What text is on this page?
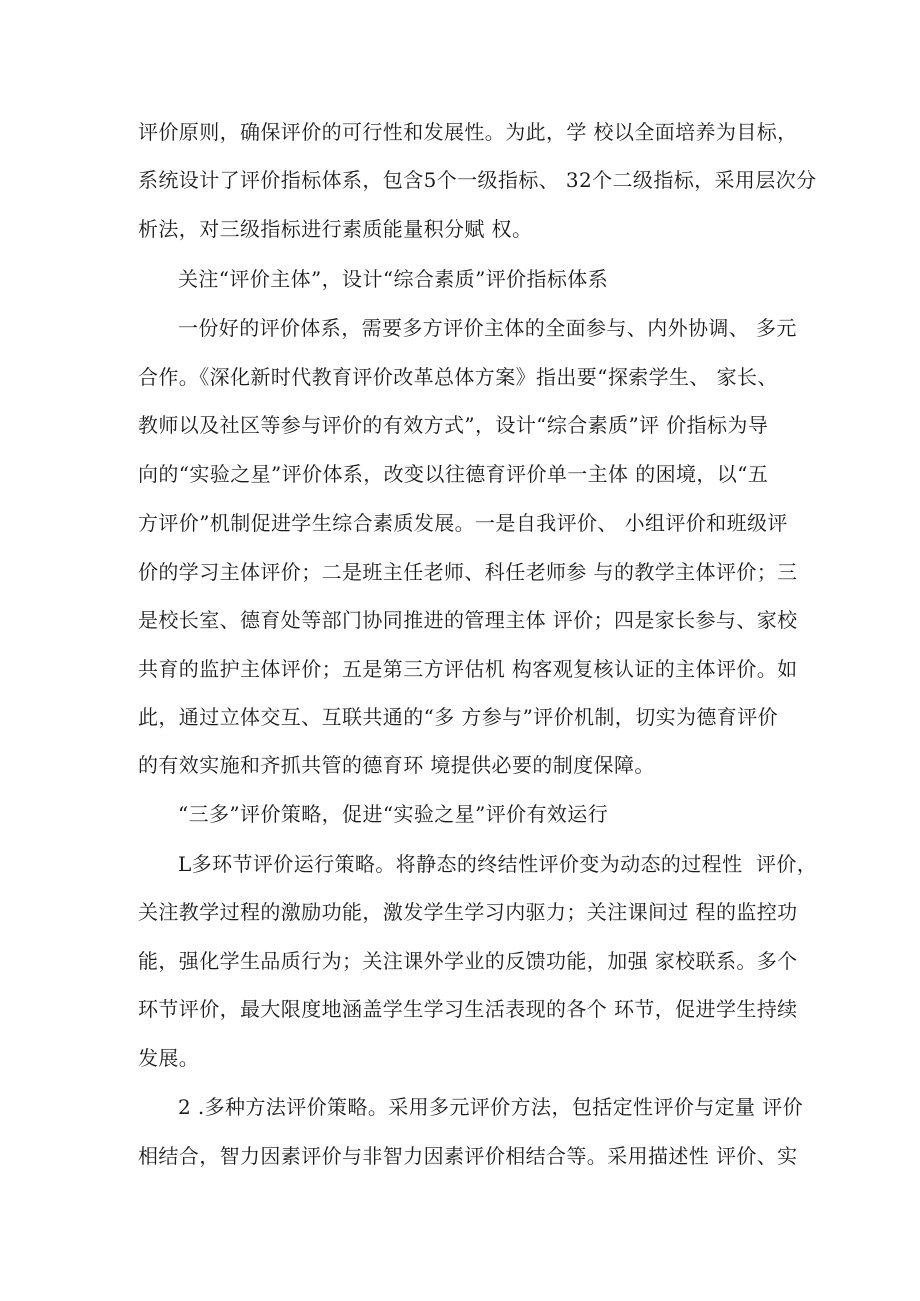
评价原则，确保评价的可行性和发展性。为此，学 校以全面培养为目标，
系统设计了评价指标体系，包含5个一级指标、 32个二级指标，采用层次分
析法，对三级指标进行素质能量积分赋 权。
关注“评价主体”，设计“综合素质”评价指标体系
一份好的评价体系，需要多方评价主体的全面参与、内外协调、 多元
合作。《深化新时代教育评价改革总体方案》指出要“探索学生、 家长、
教师以及社区等参与评价的有效方式”，设计“综合素质”评 价指标为导
向的“实验之星”评价体系，改变以往德育评价单一主体 的困境，以“五
方评价”机制促进学生综合素质发展。一是自我评价、 小组评价和班级评
价的学习主体评价；二是班主任老师、科任老师参 与的教学主体评价；三
是校长室、德育处等部门协同推进的管理主体 评价；四是家长参与、家校
共育的监护主体评价；五是第三方评估机 构客观复核认证的主体评价。如
此，通过立体交互、互联共通的“多 方参与”评价机制，切实为德育评价
的有效实施和齐抓共管的德育环 境提供必要的制度保障。
“三多”评价策略，促进“实验之星”评价有效运行
L多环节评价运行策略。将静态的终结性评价变为动态的过程性  评价，
关注教学过程的激励功能，激发学生学习内驱力；关注课间过 程的监控功
能，强化学生品质行为；关注课外学业的反馈功能，加强 家校联系。多个
环节评价，最大限度地涵盖学生学习生活表现的各个 环节，促进学生持续
发展。
2 .多种方法评价策略。采用多元评价方法，包括定性评价与定量 评价
相结合，智力因素评价与非智力因素评价相结合等。采用描述性 评价、实
